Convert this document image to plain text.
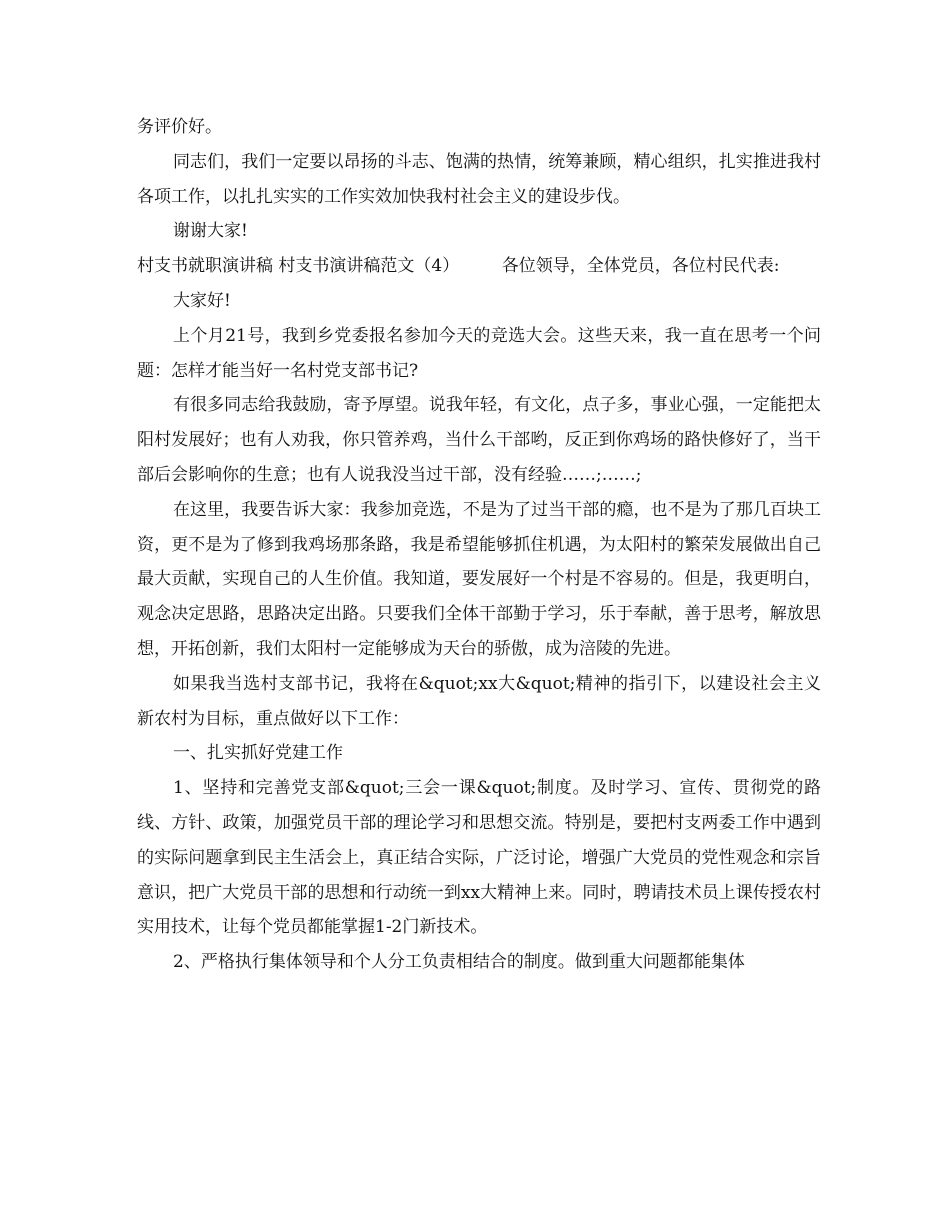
务评价好。

同志们，我们一定要以昂扬的斗志、饱满的热情，统筹兼顾，精心组织，扎实推进我村各项工作，以扎扎实实的工作实效加快我村社会主义的建设步伐。

谢谢大家!

村支书就职演讲稿 村支书演讲稿范文（4）　　　各位领导，全体党员，各位村民代表:

大家好!

上个月21号，我到乡党委报名参加今天的竞选大会。这些天来，我一直在思考一个问题：怎样才能当好一名村党支部书记?

有很多同志给我鼓励，寄予厚望。说我年轻，有文化，点子多，事业心强，一定能把太阳村发展好；也有人劝我，你只管养鸡，当什么干部哟，反正到你鸡场的路快修好了，当干部后会影响你的生意；也有人说我没当过干部，没有经验……;……;

在这里，我要告诉大家：我参加竞选，不是为了过当干部的瘾，也不是为了那几百块工资，更不是为了修到我鸡场那条路，我是希望能够抓住机遇，为太阳村的繁荣发展做出自己最大贡献，实现自己的人生价值。我知道，要发展好一个村是不容易的。但是，我更明白，观念决定思路，思路决定出路。只要我们全体干部勤于学习，乐于奉献，善于思考，解放思想，开拓创新，我们太阳村一定能够成为天台的骄傲，成为涪陵的先进。

如果我当选村支部书记，我将在&quot;xx大&quot;精神的指引下，以建设社会主义新农村为目标，重点做好以下工作：

一、扎实抓好党建工作

1、坚持和完善党支部&quot;三会一课&quot;制度。及时学习、宣传、贯彻党的路线、方针、政策，加强党员干部的理论学习和思想交流。特别是，要把村支两委工作中遇到的实际问题拿到民主生活会上，真正结合实际，广泛讨论，增强广大党员的党性观念和宗旨意识，把广大党员干部的思想和行动统一到xx大精神上来。同时，聘请技术员上课传授农村实用技术，让每个党员都能掌握1-2门新技术。

2、严格执行集体领导和个人分工负责相结合的制度。做到重大问题都能集体
